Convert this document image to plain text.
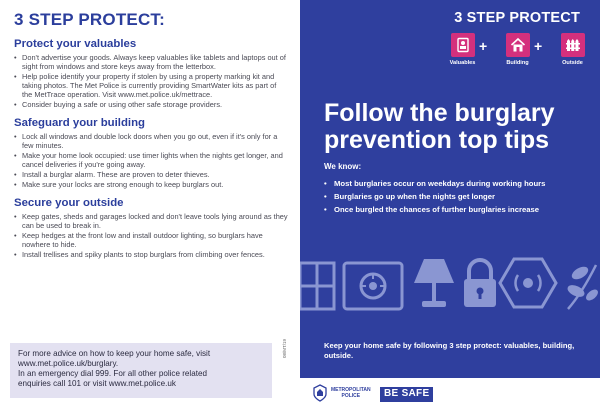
3 STEP PROTECT:
Protect your valuables
• Don't advertise your goods. Always keep valuables like tablets and laptops out of sight from windows and store keys away from the letterbox.
• Help police identify your property if stolen by using a property marking kit and taking photos. The Met Police is currently providing SmartWater kits as part of the MetTrace operation. Visit www.met.police.uk/mettrace.
• Consider buying a safe or using other safe storage providers.
Safeguard your building
• Lock all windows and double lock doors when you go out, even if it's only for a few minutes.
• Make your home look occupied: use timer lights when the nights get longer, and cancel deliveries if you're going away.
• Install a burglar alarm. These are proven to deter thieves.
• Make sure your locks are strong enough to keep burglars out.
Secure your outside
• Keep gates, sheds and garages locked and don't leave tools lying around as they can be used to break in.
• Keep hedges at the front low and install outdoor lighting, so burglars have nowhere to hide.
• Install trellises and spiky plants to stop burglars from climbing over fences.
For more advice on how to keep your home safe, visit
www.met.police.uk/burglary.
In an emergency dial 999. For all other police related
enquiries call 101 or visit www.met.police.uk
08/MT/19
3 STEP PROTECT
Valuables
+
Building
+
Outside
Follow the burglary
prevention top tips
We know:
• Most burglaries occur on weekdays during working hours
• Burglaries go up when the nights get longer
• Once burgled the chances of further burglaries increase
Keep your home safe by following 3 step protect: valuables, building, outside.
METROPOLITAN
POLICE	BE SAFE
